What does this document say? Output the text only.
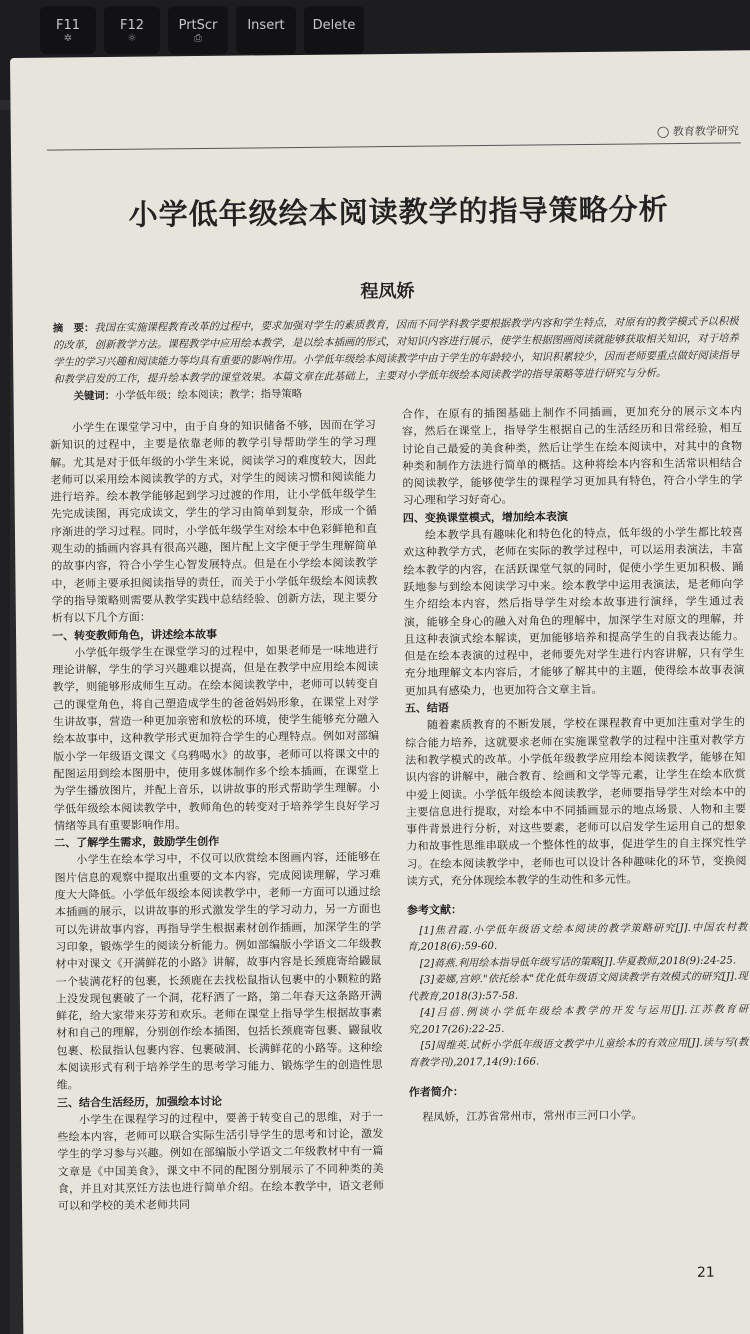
F11
✲
F12
☼
PrtScr
⎙
Insert	Delete
◯ 教育教学研究
小学低年级绘本阅读教学的指导策略分析
程凤娇
摘　要：我国在实施课程教育改革的过程中，要求加强对学生的素质教育，因而不同学科教学要根据教学内容和学生特点，对原有的教学模式予以积极的改革，创新教学方法。课程教学中应用绘本教学，是以绘本插画的形式，对知识内容进行展示，使学生根据图画阅读就能够获取相关知识，对于培养学生的学习兴趣和阅读能力等均具有重要的影响作用。小学低年级绘本阅读教学中由于学生的年龄较小，知识积累较少，因而老师要重点做好阅读指导和教学启发的工作，提升绘本教学的课堂效果。本篇文章在此基础上，主要对小学低年级绘本阅读教学的指导策略等进行研究与分析。
关键词：小学低年级；绘本阅读；教学；指导策略

小学生在课堂学习中，由于自身的知识储备不够，因而在学习新知识的过程中，主要是依靠老师的教学引导帮助学生的学习理解。尤其是对于低年级的小学生来说，阅读学习的难度较大，因此老师可以采用绘本阅读教学的方式，对学生的阅读习惯和阅读能力进行培养。绘本教学能够起到学习过渡的作用，让小学低年级学生先完成读图，再完成读文，学生的学习由简单到复杂，形成一个循序渐进的学习过程。同时，小学低年级学生对绘本中色彩鲜艳和直观生动的插画内容具有很高兴趣，图片配上文字便于学生理解简单的故事内容，符合小学生心智发展特点。但是在小学绘本阅读教学中，老师主要承担阅读指导的责任，而关于小学低年级绘本阅读教学的指导策略则需要从教学实践中总结经验、创新方法，现主要分析有以下几个方面：

一、转变教师角色，讲述绘本故事

小学低年级学生在课堂学习的过程中，如果老师是一味地进行理论讲解，学生的学习兴趣难以提高，但是在教学中应用绘本阅读教学，则能够形成师生互动。在绘本阅读教学中，老师可以转变自己的课堂角色，将自己塑造成学生的爸爸妈妈形象，在课堂上对学生讲故事，营造一种更加亲密和放松的环境，使学生能够充分融入绘本故事中，这种教学形式更加符合学生的心理特点。例如对部编版小学一年级语文课文《乌鸦喝水》的故事，老师可以将课文中的配图运用到绘本图册中，使用多媒体制作多个绘本插画，在课堂上为学生播放图片，并配上音乐，以讲故事的形式帮助学生理解。小学低年级绘本阅读教学中，教师角色的转变对于培养学生良好学习情绪等具有重要影响作用。

二、了解学生需求，鼓励学生创作

小学生在绘本学习中，不仅可以欣赏绘本图画内容，还能够在图片信息的观察中提取出重要的文本内容，完成阅读理解，学习难度大大降低。小学低年级绘本阅读教学中，老师一方面可以通过绘本插画的展示，以讲故事的形式激发学生的学习动力，另一方面也可以先讲故事内容，再指导学生根据素材创作插画，加深学生的学习印象，锻炼学生的阅读分析能力。例如部编版小学语文二年级教材中对课文《开满鲜花的小路》讲解，故事内容是长颈鹿寄给鼹鼠一个装满花籽的包裹，长颈鹿在去找松鼠指认包裹中的小颗粒的路上没发现包裹破了一个洞，花籽洒了一路，第二年春天这条路开满鲜花，给大家带来芬芳和欢乐。老师在课堂上指导学生根据故事素材和自己的理解，分别创作绘本插图，包括长颈鹿寄包裹、鼹鼠收包裹、松鼠指认包裹内容、包裹破洞、长满鲜花的小路等。这种绘本阅读形式有利于培养学生的思考学习能力、锻炼学生的创造性思维。

三、结合生活经历，加强绘本讨论

小学生在课程学习的过程中，要善于转变自己的思维，对于一些绘本内容，老师可以联合实际生活引导学生的思考和讨论，激发学生的学习参与兴趣。例如在部编版小学语文二年级教材中有一篇文章是《中国美食》，课文中不同的配图分别展示了不同种类的美食，并且对其烹饪方法也进行简单介绍。在绘本教学中，语文老师可以和学校的美术老师共同

合作，在原有的插图基础上制作不同插画，更加充分的展示文本内容，然后在课堂上，指导学生根据自己的生活经历和日常经验，相互讨论自己最爱的美食种类，然后让学生在绘本阅读中，对其中的食物种类和制作方法进行简单的概括。这种将绘本内容和生活常识相结合的阅读教学，能够使学生的课程学习更加具有特色，符合小学生的学习心理和学习好奇心。

四、变换课堂模式，增加绘本表演

绘本教学具有趣味化和特色化的特点，低年级的小学生都比较喜欢这种教学方式，老师在实际的教学过程中，可以运用表演法，丰富绘本教学的内容，在活跃课堂气氛的同时，促使小学生更加积极、踊跃地参与到绘本阅读学习中来。绘本教学中运用表演法，是老师向学生介绍绘本内容，然后指导学生对绘本故事进行演绎，学生通过表演，能够全身心的融入对角色的理解中，加深学生对原文的理解，并且这种表演式绘本解读，更加能够培养和提高学生的自我表达能力。但是在绘本表演的过程中，老师要先对学生进行内容讲解，只有学生充分地理解文本内容后，才能够了解其中的主题，使得绘本故事表演更加具有感染力，也更加符合文章主旨。

五、结语

随着素质教育的不断发展，学校在课程教育中更加注重对学生的综合能力培养，这就要求老师在实施课堂教学的过程中注重对教学方法和教学模式的改革。小学低年级教学应用绘本阅读教学，能够在知识内容的讲解中，融合教育、绘画和文学等元素，让学生在绘本欣赏中爱上阅读。小学低年级绘本阅读教学，老师要指导学生对绘本中的主要信息进行提取，对绘本中不同插画显示的地点场景、人物和主要事件背景进行分析，对这些要素，老师可以启发学生运用自己的想象力和故事性思维串联成一个整体性的故事，促进学生的自主探究性学习。在绘本阅读教学中，老师也可以设计各种趣味化的环节，变换阅读方式，充分体现绘本教学的生动性和多元性。

参考文献：
[1]焦君霞.小学低年级语文绘本阅读的教学策略研究[J].中国农村教育,2018(6):59-60.
[2]蒋燕.利用绘本指导低年级写话的策略[J].华夏教师,2018(9):24-25.
[3]姜娜,宫婷."依托绘本"优化低年级语文阅读教学有效模式的研究[J].现代教育,2018(3):57-58.
[4]吕蓓.例谈小学低年级绘本教学的开发与运用[J].江苏教育研究,2017(26):22-25.
[5]周维英.试析小学低年级语文教学中儿童绘本的有效应用[J].读与写(教育教学刊),2017,14(9):166.
作者简介：
程凤娇，江苏省常州市，常州市三河口小学。
21
